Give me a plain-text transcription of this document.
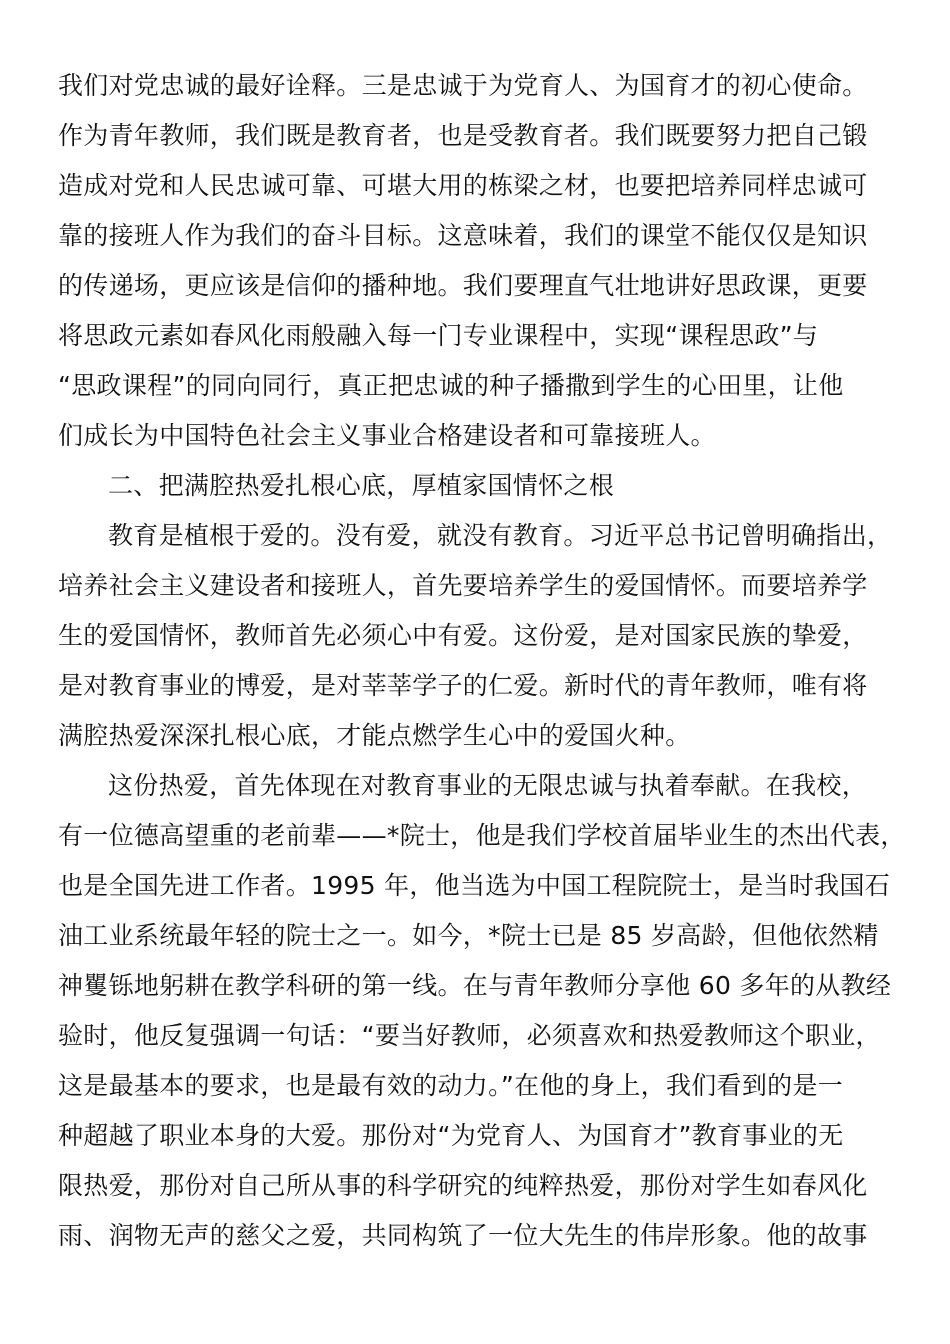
我们对党忠诚的最好诠释。三是忠诚于为党育人、为国育才的初心使命。
作为青年教师，我们既是教育者，也是受教育者。我们既要努力把自己锻
造成对党和人民忠诚可靠、可堪大用的栋梁之材，也要把培养同样忠诚可
靠的接班人作为我们的奋斗目标。这意味着，我们的课堂不能仅仅是知识
的传递场，更应该是信仰的播种地。我们要理直气壮地讲好思政课，更要
将思政元素如春风化雨般融入每一门专业课程中，实现“课程思政”与
“思政课程”的同向同行，真正把忠诚的种子播撒到学生的心田里，让他
们成长为中国特色社会主义事业合格建设者和可靠接班人。
二、把满腔热爱扎根心底，厚植家国情怀之根
教育是植根于爱的。没有爱，就没有教育。习近平总书记曾明确指出，
培养社会主义建设者和接班人，首先要培养学生的爱国情怀。而要培养学
生的爱国情怀，教师首先必须心中有爱。这份爱，是对国家民族的挚爱，
是对教育事业的博爱，是对莘莘学子的仁爱。新时代的青年教师，唯有将
满腔热爱深深扎根心底，才能点燃学生心中的爱国火种。
这份热爱，首先体现在对教育事业的无限忠诚与执着奉献。在我校，
有一位德高望重的老前辈——*院士，他是我们学校首届毕业生的杰出代表，
也是全国先进工作者。1995 年，他当选为中国工程院院士，是当时我国石
油工业系统最年轻的院士之一。如今，*院士已是 85 岁高龄，但他依然精
神矍铄地躬耕在教学科研的第一线。在与青年教师分享他 60 多年的从教经
验时，他反复强调一句话：“要当好教师，必须喜欢和热爱教师这个职业，
这是最基本的要求，也是最有效的动力。”在他的身上，我们看到的是一
种超越了职业本身的大爱。那份对“为党育人、为国育才”教育事业的无
限热爱，那份对自己所从事的科学研究的纯粹热爱，那份对学生如春风化
雨、润物无声的慈父之爱，共同构筑了一位大先生的伟岸形象。他的故事
